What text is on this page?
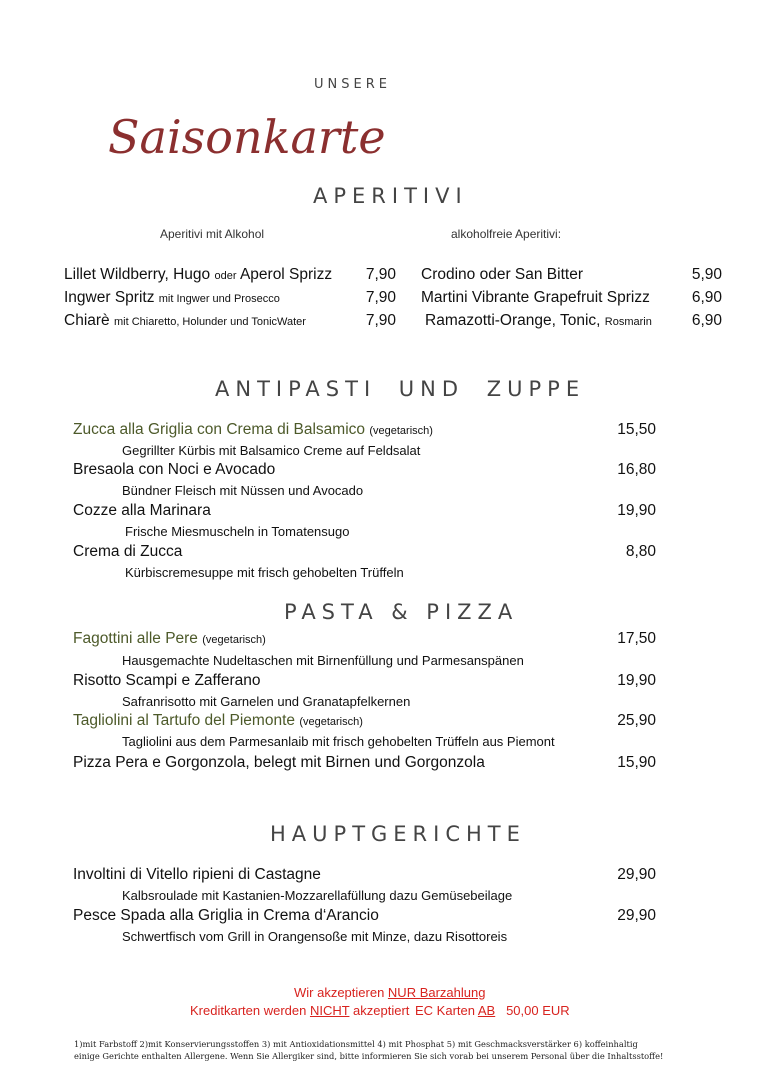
UNSERE
Saisonkarte
APERITIVI
Aperitivi mit Alkohol	alkoholfreie Aperitivi:
Lillet Wildberry, Hugo oder Aperol Sprizz	7,90
Ingwer Spritz mit Ingwer und Prosecco	7,90
Chiarè mit Chiaretto, Holunder und TonicWater	7,90
Crodino oder San Bitter	5,90
Martini Vibrante Grapefruit Sprizz	6,90
Ramazotti-Orange, Tonic, Rosmarin	6,90
ANTIPASTI UND ZUPPE
Zucca alla Griglia con Crema di Balsamico (vegetarisch)	15,50
Gegrillter Kürbis mit Balsamico Creme auf Feldsalat
Bresaola con Noci e Avocado	16,80
Bündner Fleisch mit Nüssen und Avocado
Cozze alla Marinara	19,90
Frische Miesmuscheln in Tomatensugo
Crema di Zucca	8,80
Kürbiscremesuppe mit frisch gehobelten Trüffeln
PASTA & PIZZA
Fagottini alle Pere (vegetarisch)	17,50
Hausgemachte Nudeltaschen mit Birnenfüllung und Parmesanspänen
Risotto Scampi e Zafferano	19,90
Safranrisotto mit Garnelen und Granatapfelkernen
Tagliolini al Tartufo del Piemonte (vegetarisch)	25,90
Tagliolini aus dem Parmesanlaib mit frisch gehobelten Trüffeln aus Piemont
Pizza Pera e Gorgonzola, belegt mit Birnen und Gorgonzola	15,90
HAUPTGERICHTE
Involtini di Vitello ripieni di Castagne	29,90
Kalbsroulade mit Kastanien-Mozzarellafüllung dazu Gemüsebeilage
Pesce Spada alla Griglia in Crema d‘Arancio	29,90
Schwertfisch vom Grill in Orangensoße mit Minze, dazu Risottoreis
Wir akzeptieren NUR Barzahlung
Kreditkarten werden NICHT akzeptiert EC Karten AB 50,00 EUR
1)mit Farbstoff 2)mit Konservierungsstoffen 3) mit Antioxidationsmittel 4) mit Phosphat 5) mit Geschmacksverstärker 6) koffeinhaltig
einige Gerichte enthalten Allergene. Wenn Sie Allergiker sind, bitte informieren Sie sich vorab bei unserem Personal über die Inhaltsstoffe!
